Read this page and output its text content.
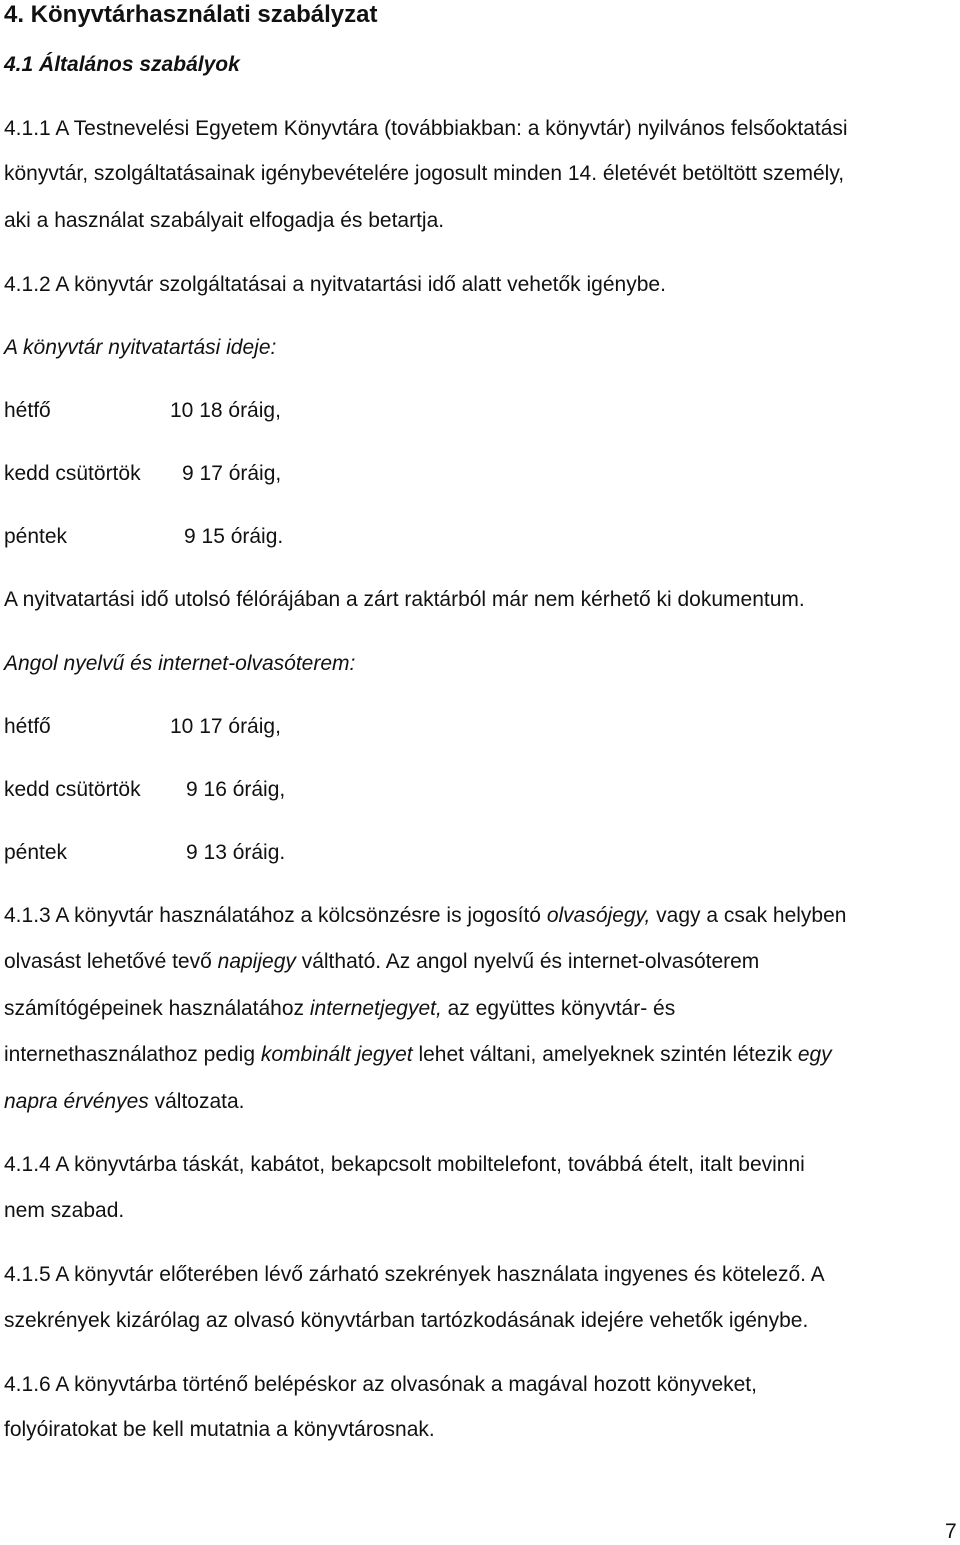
4. Könyvtárhasználati szabályzat
4.1 Általános szabályok
4.1.1 A Testnevelési Egyetem Könyvtára (továbbiakban: a könyvtár) nyilvános felsőoktatási
könyvtár, szolgáltatásainak igénybevételére jogosult minden 14. életévét betöltött személy,
aki a használat szabályait elfogadja és betartja.
4.1.2 A könyvtár szolgáltatásai a nyitvatartási idő alatt vehetők igénybe.
A könyvtár nyitvatartási ideje:
hétfő	10 18 óráig,
kedd csütörtök 9 17 óráig,
péntek	9 15 óráig.
A nyitvatartási idő utolsó félórájában a zárt raktárból már nem kérhető ki dokumentum.
Angol nyelvű és internet-olvasóterem:
hétfő	10 17 óráig,
kedd csütörtök 9 16 óráig,
péntek	9 13 óráig.
4.1.3 A könyvtár használatához a kölcsönzésre is jogosító olvasójegy, vagy a csak helyben
olvasást lehetővé tevő napijegy váltható. Az angol nyelvű és internet-olvasóterem
számítógépeinek használatához internetjegyet, az együttes könyvtár- és
internethasználathoz pedig kombinált jegyet lehet váltani, amelyeknek szintén létezik egy
napra érvényes változata.
4.1.4 A könyvtárba táskát, kabátot, bekapcsolt mobiltelefont, továbbá ételt, italt bevinni
nem szabad.
4.1.5 A könyvtár előterében lévő zárható szekrények használata ingyenes és kötelező. A
szekrények kizárólag az olvasó könyvtárban tartózkodásának idejére vehetők igénybe.
4.1.6 A könyvtárba történő belépéskor az olvasónak a magával hozott könyveket,
folyóiratokat be kell mutatnia a könyvtárosnak.
7
